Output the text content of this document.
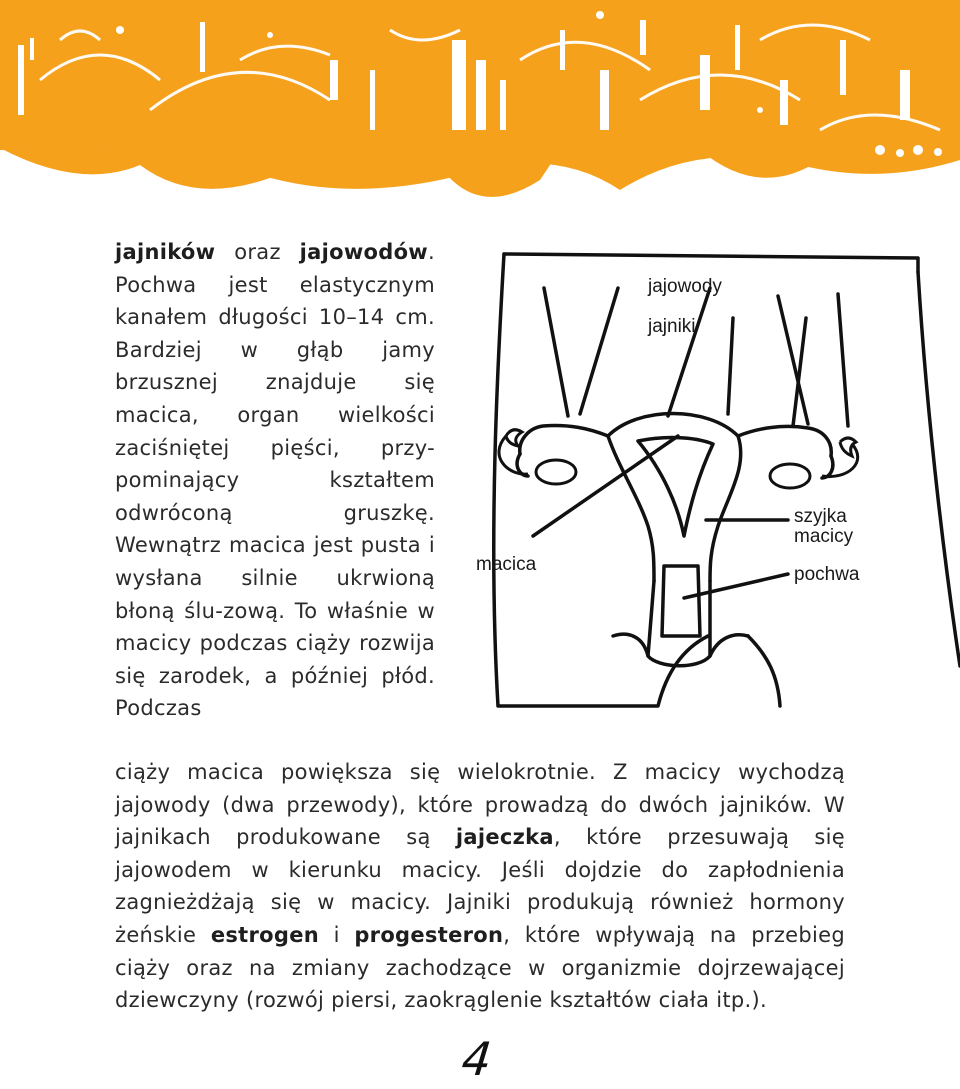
jajowody
jajniki
szyjka
macicy
pochwa
macica

jajników oraz jajowodów. Pochwa jest elastycznym kanałem długości 10–14 cm. Bardziej w głąb jamy brzusznej znajduje się macica, organ wielkości zaciśniętej pięści, przy-pominający kształtem odwróconą gruszkę. Wewnątrz macica jest pusta i wysłana silnie ukrwioną błoną ślu-zową. To właśnie w macicy podczas ciąży rozwija się zarodek, a później płód. Podczas

ciąży macica powiększa się wielokrotnie. Z macicy wychodzą jajowody (dwa przewody), które prowadzą do dwóch jajników. W jajnikach produkowane są jajeczka, które przesuwają się jajowodem w kierunku macicy. Jeśli dojdzie do zapłodnienia zagnieżdżają się w macicy. Jajniki produkują również hormony żeńskie estrogen i progesteron, które wpływają na przebieg ciąży oraz na zmiany zachodzące w organizmie dojrzewającej dziewczyny (rozwój piersi, zaokrąglenie kształtów ciała itp.).

4
